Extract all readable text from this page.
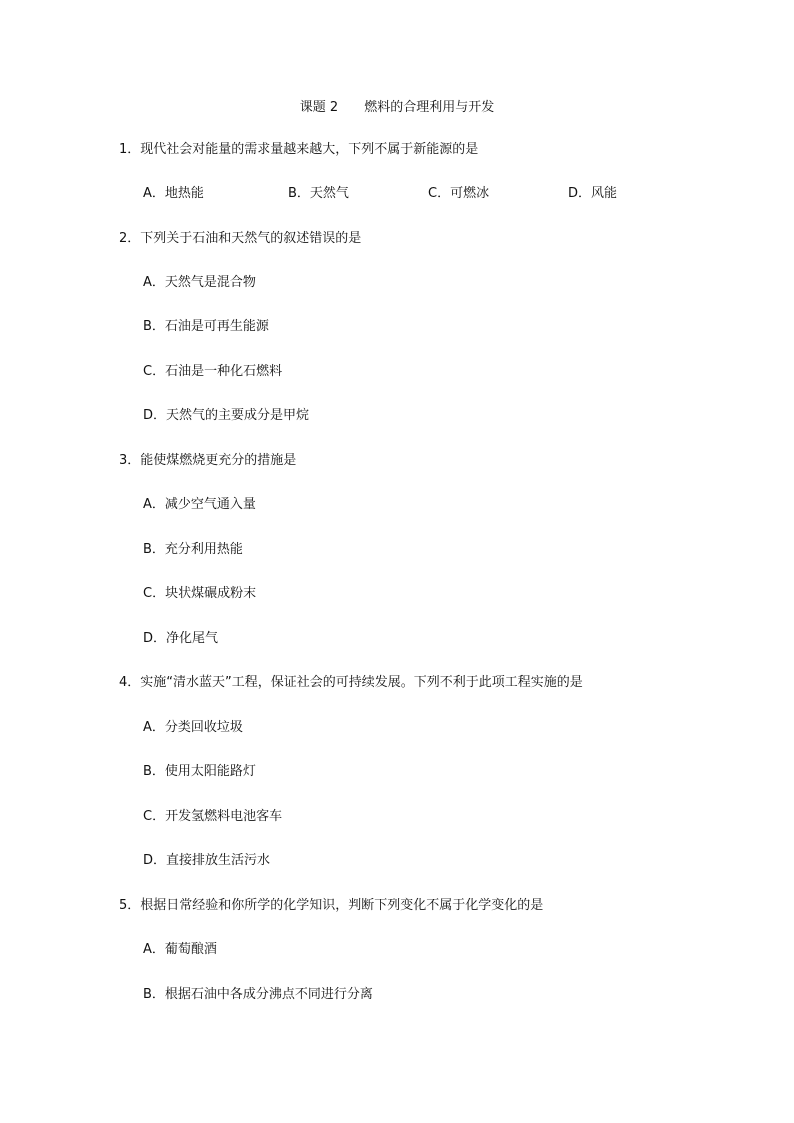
课题 2　　燃料的合理利用与开发
1．现代社会对能量的需求量越来越大，下列不属于新能源的是
A．地热能	B．天然气	C．可燃冰	D．风能
2．下列关于石油和天然气的叙述错误的是
A．天然气是混合物
B．石油是可再生能源
C．石油是一种化石燃料
D．天然气的主要成分是甲烷
3．能使煤燃烧更充分的措施是
A．减少空气通入量
B．充分利用热能
C．块状煤碾成粉末
D．净化尾气
4．实施“清水蓝天”工程，保证社会的可持续发展。下列不利于此项工程实施的是
A．分类回收垃圾
B．使用太阳能路灯
C．开发氢燃料电池客车
D．直接排放生活污水
5．根据日常经验和你所学的化学知识，判断下列变化不属于化学变化的是
A．葡萄酿酒
B．根据石油中各成分沸点不同进行分离
